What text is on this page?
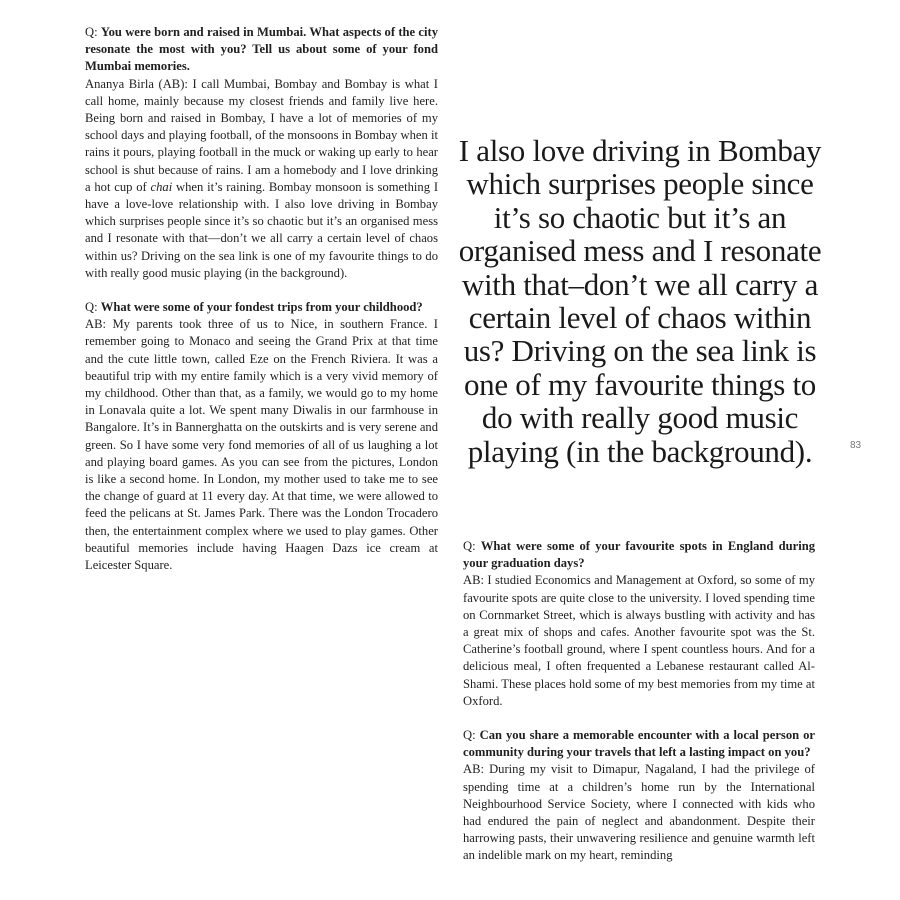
Q: You were born and raised in Mumbai. What aspects of the city resonate the most with you? Tell us about some of your fond Mumbai memories.

Ananya Birla (AB): I call Mumbai, Bombay and Bombay is what I call home, mainly because my closest friends and family live here. Being born and raised in Bombay, I have a lot of memories of my school days and playing football, of the monsoons in Bombay when it rains it pours, playing football in the muck or waking up early to hear school is shut because of rains. I am a homebody and I love drinking a hot cup of chai when it’s raining. Bombay monsoon is something I have a love-love relationship with. I also love driving in Bombay which surprises people since it’s so chaotic but it’s an organised mess and I resonate with that—don’t we all carry a certain level of chaos within us? Driving on the sea link is one of my favourite things to do with really good music playing (in the background).

Q: What were some of your fondest trips from your childhood?

AB: My parents took three of us to Nice, in southern France. I remember going to Monaco and seeing the Grand Prix at that time and the cute little town, called Eze on the French Riviera. It was a beautiful trip with my entire family which is a very vivid memory of my childhood. Other than that, as a family, we would go to my home in Lonavala quite a lot. We spent many Diwalis in our farmhouse in Bangalore. It’s in Bannerghatta on the outskirts and is very serene and green. So I have some very fond memories of all of us laughing a lot and playing board games. As you can see from the pictures, London is like a second home. In London, my mother used to take me to see the change of guard at 11 every day. At that time, we were allowed to feed the pelicans at St. James Park. There was the London Trocadero then, the entertainment complex where we used to play games. Other beautiful memories include having Haagen Dazs ice cream at Leicester Square.

I also love driving in Bombay which surprises people since it’s so chaotic but it’s an organised mess and I resonate with that–don’t we all carry a certain level of chaos within us? Driving on the sea link is one of my favourite things to do with really good music playing (in the background).	83

Q: What were some of your favourite spots in England during your graduation days?

AB: I studied Economics and Management at Oxford, so some of my favourite spots are quite close to the university. I loved spending time on Cornmarket Street, which is always bustling with activity and has a great mix of shops and cafes. Another favourite spot was the St. Catherine’s football ground, where I spent countless hours. And for a delicious meal, I often frequented a Lebanese restaurant called Al-Shami. These places hold some of my best memories from my time at Oxford.

Q: Can you share a memorable encounter with a local person or community during your travels that left a lasting impact on you?

AB: During my visit to Dimapur, Nagaland, I had the privilege of spending time at a children’s home run by the International Neighbourhood Service Society, where I connected with kids who had endured the pain of neglect and abandonment. Despite their harrowing pasts, their unwavering resilience and genuine warmth left an indelible mark on my heart, reminding
